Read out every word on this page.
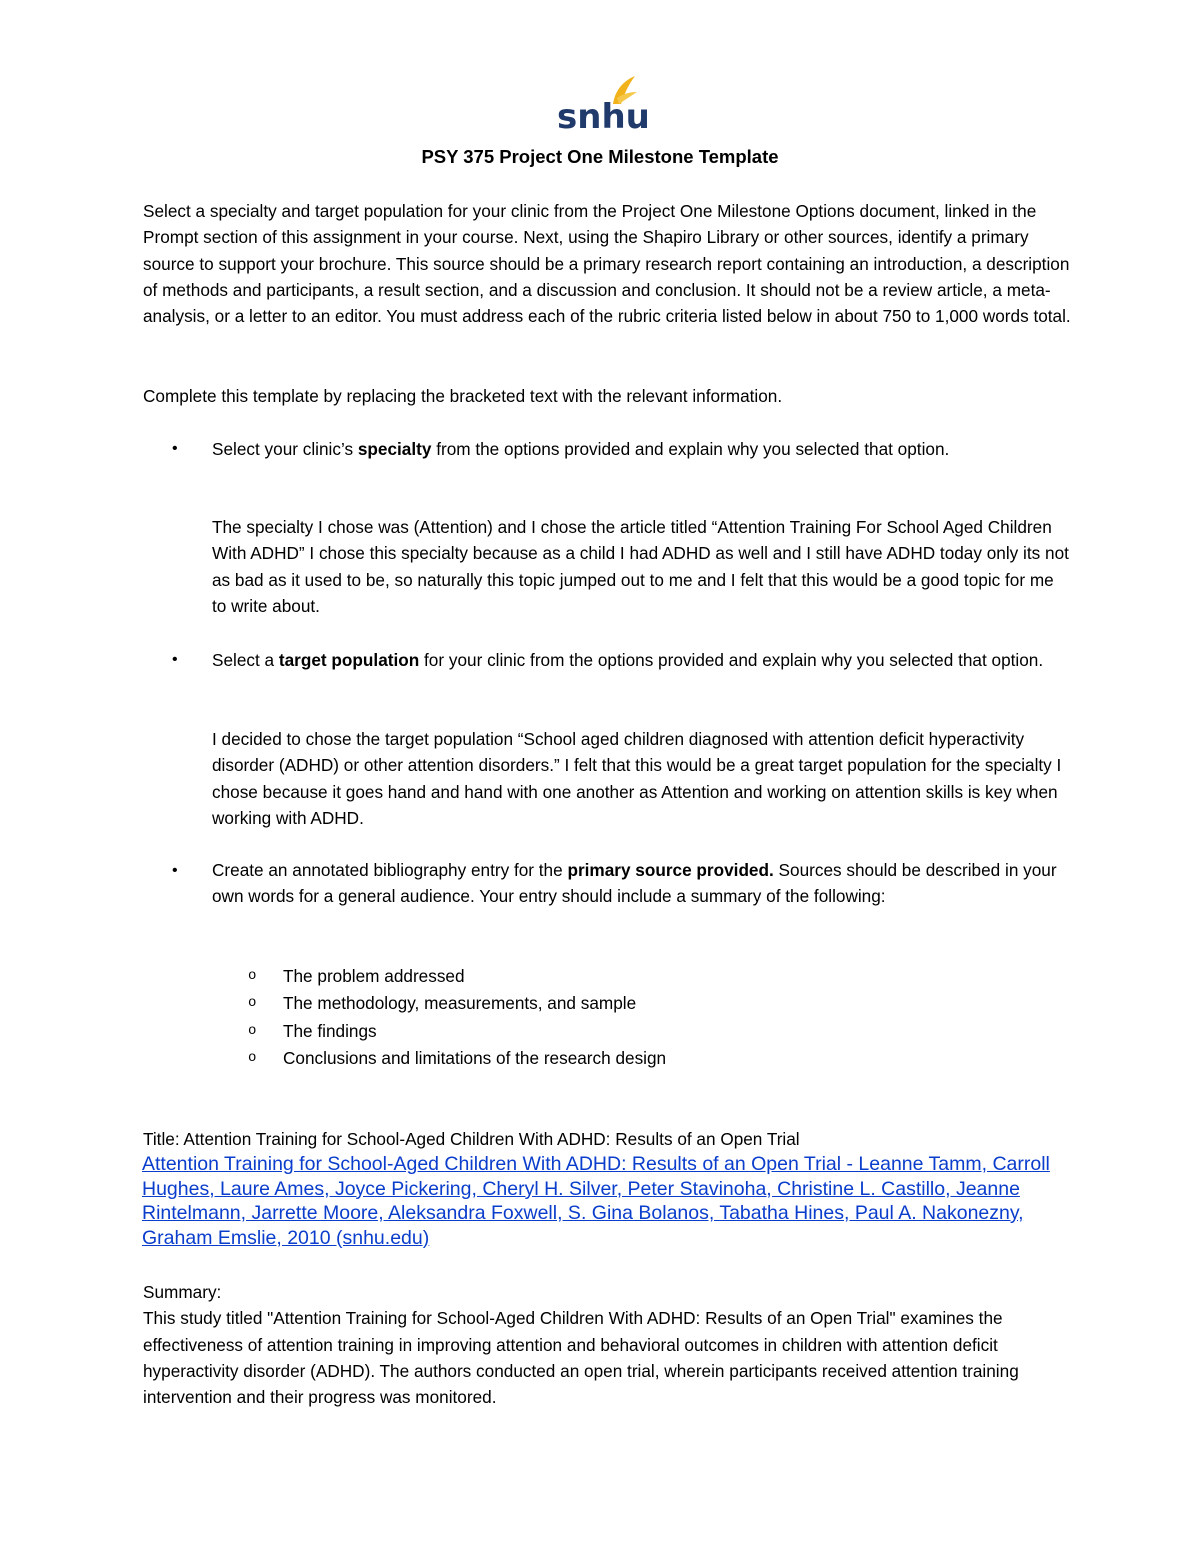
snhu
PSY 375 Project One Milestone Template

Select a specialty and target population for your clinic from the Project One Milestone Options document, linked in the Prompt section of this assignment in your course. Next, using the Shapiro Library or other sources, identify a primary source to support your brochure. This source should be a primary research report containing an introduction, a description of methods and participants, a result section, and a discussion and conclusion. It should not be a review article, a meta-analysis, or a letter to an editor. You must address each of the rubric criteria listed below in about 750 to 1,000 words total.

Complete this template by replacing the bracketed text with the relevant information.

•	Select your clinic’s specialty from the options provided and explain why you selected that option.

The specialty I chose was (Attention) and I chose the article titled “Attention Training For School Aged Children With ADHD” I chose this specialty because as a child I had ADHD as well and I still have ADHD today only its not as bad as it used to be, so naturally this topic jumped out to me and I felt that this would be a good topic for me to write about.

•	Select a target population for your clinic from the options provided and explain why you selected that option.

I decided to chose the target population “School aged children diagnosed with attention deficit hyperactivity disorder (ADHD) or other attention disorders.” I felt that this would be a great target population for the specialty I chose because it goes hand and hand with one another as Attention and working on attention skills is key when working with ADHD.

•	Create an annotated bibliography entry for the primary source provided. Sources should be described in your own words for a general audience. Your entry should include a summary of the following:

o The problem addressed
o The methodology, measurements, and sample
o The findings
o Conclusions and limitations of the research design

Title: Attention Training for School-Aged Children With ADHD: Results of an Open Trial

Attention Training for School-Aged Children With ADHD: Results of an Open Trial - Leanne Tamm, Carroll Hughes, Laure Ames, Joyce Pickering, Cheryl H. Silver, Peter Stavinoha, Christine L. Castillo, Jeanne Rintelmann, Jarrette Moore, Aleksandra Foxwell, S. Gina Bolanos, Tabatha Hines, Paul A. Nakonezny, Graham Emslie, 2010 (snhu.edu)

Summary:

This study titled "Attention Training for School-Aged Children With ADHD: Results of an Open Trial" examines the effectiveness of attention training in improving attention and behavioral outcomes in children with attention deficit hyperactivity disorder (ADHD). The authors conducted an open trial, wherein participants received attention training intervention and their progress was monitored.
